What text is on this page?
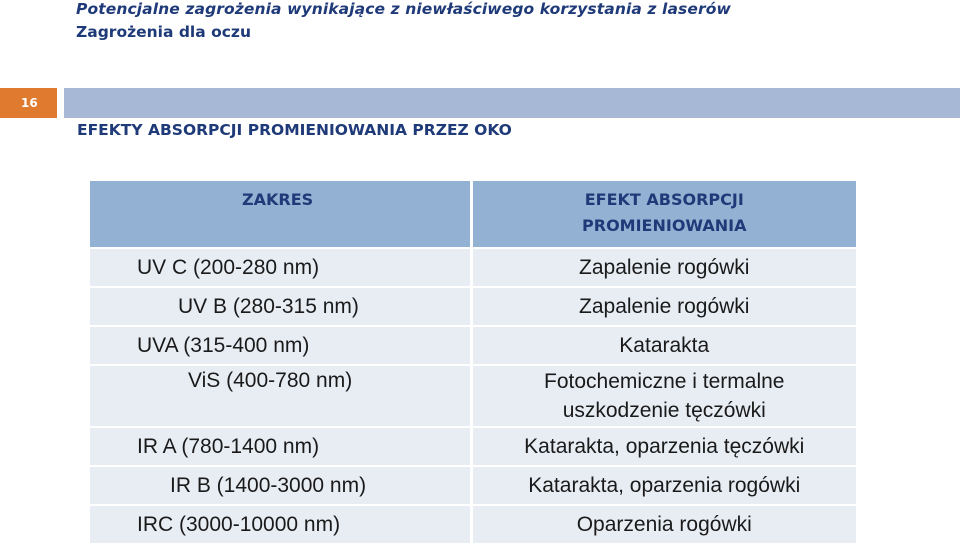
Potencjalne zagrożenia wynikające z niewłaściwego korzystania z laserów
Zagrożenia dla oczu
16
EFEKTY ABSORPCJI PROMIENIOWANIA PRZEZ OKO
ZAKRES	EFEKT ABSORPCJI PROMIENIOWANIA
UV C (200-280 nm)	Zapalenie rogówki
UV B (280-315 nm)	Zapalenie rogówki
UVA (315-400 nm)	Katarakta
ViS (400-780 nm)	Fotochemiczne i termalne uszkodzenie tęczówki
IR A (780-1400 nm)	Katarakta, oparzenia tęczówki
IR B (1400-3000 nm)	Katarakta, oparzenia rogówki
IRC (3000-10000 nm)	Oparzenia rogówki
